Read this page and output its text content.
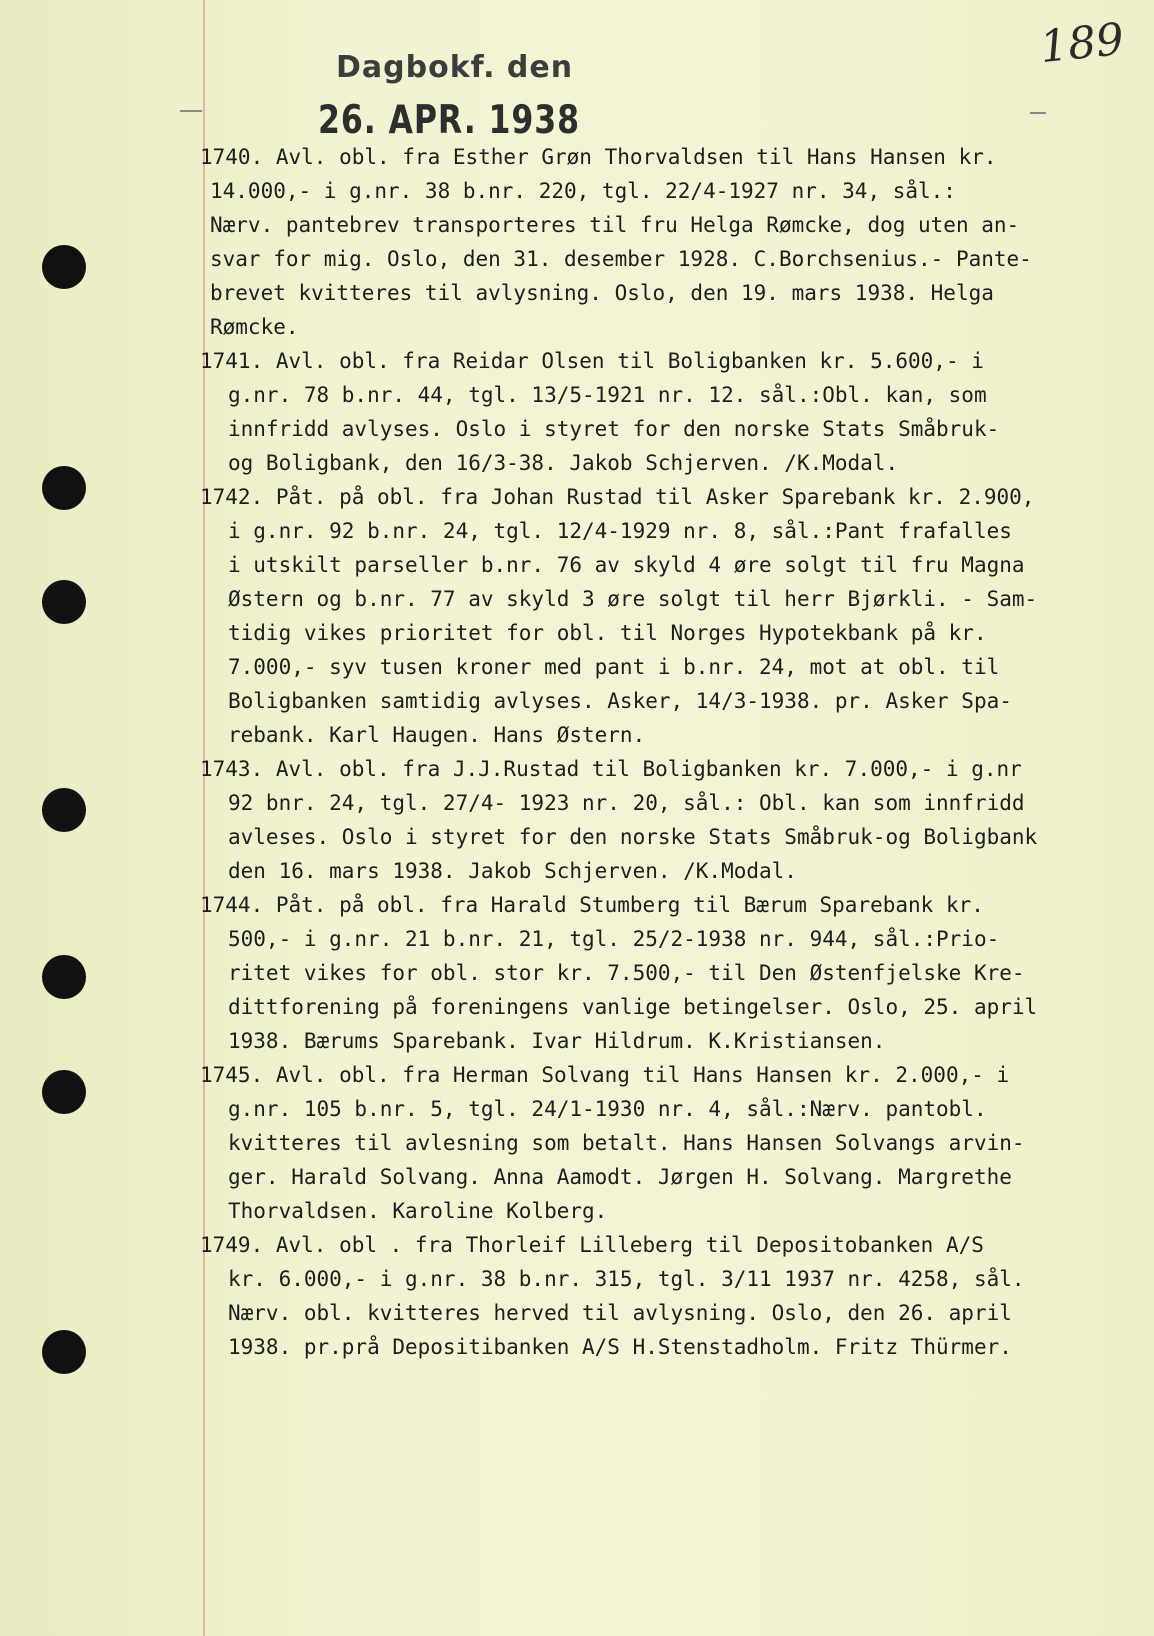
Dagbokf. den
26. APR. 1938
189
1740. Avl. obl. fra Esther Grøn Thorvaldsen til Hans Hansen kr.
14.000,- i g.nr. 38 b.nr. 220, tgl. 22/4-1927 nr. 34, sål.:
Nærv. pantebrev transporteres til fru Helga Rømcke, dog uten an-
svar for mig. Oslo, den 31. desember 1928. C.Borchsenius.- Pante-
brevet kvitteres til avlysning. Oslo, den 19. mars 1938. Helga
Rømcke.
1741. Avl. obl. fra Reidar Olsen til Boligbanken kr. 5.600,- i
g.nr. 78 b.nr. 44, tgl. 13/5-1921 nr. 12. sål.:Obl. kan, som
innfridd avlyses. Oslo i styret for den norske Stats Småbruk-
og Boligbank, den 16/3-38. Jakob Schjerven. /K.Modal.
1742. Påt. på obl. fra Johan Rustad til Asker Sparebank kr. 2.900,
i g.nr. 92 b.nr. 24, tgl. 12/4-1929 nr. 8, sål.:Pant frafalles
i utskilt parseller b.nr. 76 av skyld 4 øre solgt til fru Magna
Østern og b.nr. 77 av skyld 3 øre solgt til herr Bjørkli. - Sam-
tidig vikes prioritet for obl. til Norges Hypotekbank på kr.
7.000,- syv tusen kroner med pant i b.nr. 24, mot at obl. til
Boligbanken samtidig avlyses. Asker, 14/3-1938. pr. Asker Spa-
rebank. Karl Haugen. Hans Østern.
1743. Avl. obl. fra J.J.Rustad til Boligbanken kr. 7.000,- i g.nr
92 bnr. 24, tgl. 27/4- 1923 nr. 20, sål.: Obl. kan som innfridd
avleses. Oslo i styret for den norske Stats Småbruk-og Boligbank
den 16. mars 1938. Jakob Schjerven. /K.Modal.
1744. Påt. på obl. fra Harald Stumberg til Bærum Sparebank kr.
500,- i g.nr. 21 b.nr. 21, tgl. 25/2-1938 nr. 944, sål.:Prio-
ritet vikes for obl. stor kr. 7.500,- til Den Østenfjelske Kre-
dittforening på foreningens vanlige betingelser. Oslo, 25. april
1938. Bærums Sparebank. Ivar Hildrum. K.Kristiansen.
1745. Avl. obl. fra Herman Solvang til Hans Hansen kr. 2.000,- i
g.nr. 105 b.nr. 5, tgl. 24/1-1930 nr. 4, sål.:Nærv. pantobl.
kvitteres til avlesning som betalt. Hans Hansen Solvangs arvin-
ger. Harald Solvang. Anna Aamodt. Jørgen H. Solvang. Margrethe
Thorvaldsen. Karoline Kolberg.
1749. Avl. obl . fra Thorleif Lilleberg til Depositobanken A/S
kr. 6.000,- i g.nr. 38 b.nr. 315, tgl. 3/11 1937 nr. 4258, sål.
Nærv. obl. kvitteres herved til avlysning. Oslo, den 26. april
1938. pr.prå Depositibanken A/S H.Stenstadholm. Fritz Thürmer.
